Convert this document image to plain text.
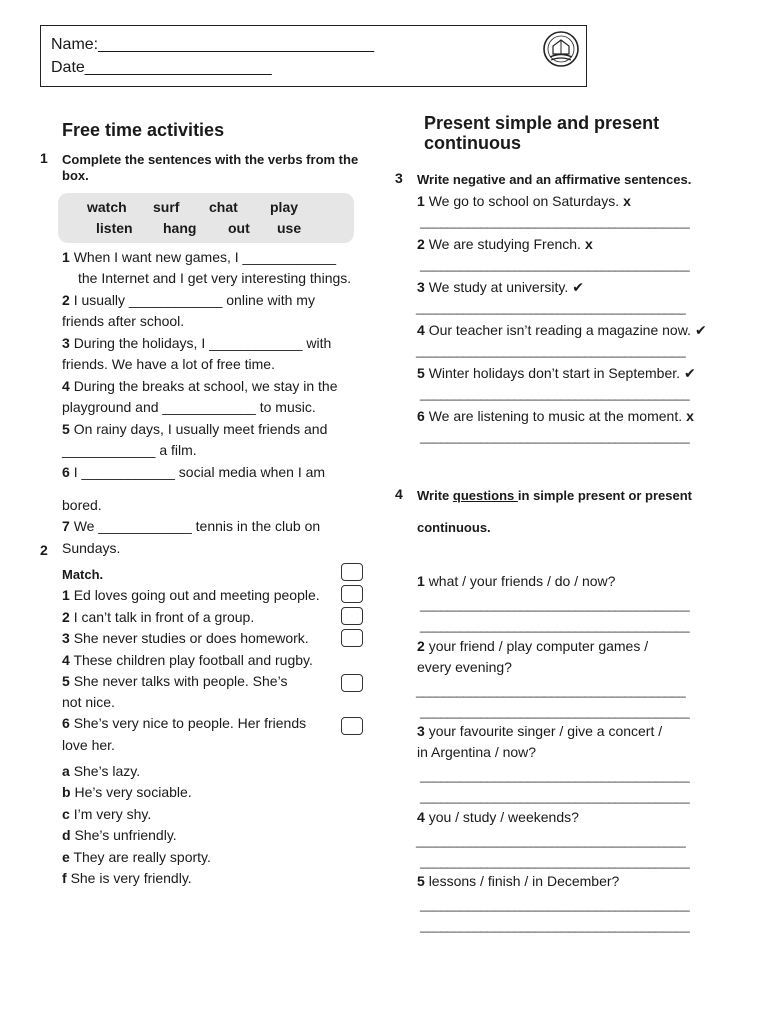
Name:_______________________________
Date_____________________
Free time activities
1 Complete the sentences with the verbs from the box.
watch surf chat play
listen hang out use
1 When I want new games, I ____________
the Internet and I get very interesting things.
2 I usually ____________ online with my
friends after school.
3 During the holidays, I ____________ with
friends. We have a lot of free time.
4 During the breaks at school, we stay in the
playground and ____________ to music.
5 On rainy days, I usually meet friends and
____________ a film.
6 I ____________ social media when I am
bored.
7 We ____________ tennis in the club on
Sundays.
2
Match.
1 Ed loves going out and meeting people.
2 I can’t talk in front of a group.
3 She never studies or does homework.
4 These children play football and rugby.
5 She never talks with people. She’s
not nice.
6 She’s very nice to people. Her friends
love her.
a She’s lazy.
b He’s very sociable.
c I’m very shy.
d She’s unfriendly.
e They are really sporty.
f She is very friendly.
Present simple and present
continuous
3 Write negative and an affirmative sentences.
1 We go to school on Saturdays. x
________________________________________
2 We are studying French. x
________________________________________
3 We study at university. ✔
________________________________________
4 Our teacher isn’t reading a magazine now. ✔
________________________________________
5 Winter holidays don’t start in September. ✔
________________________________________
6 We are listening to music at the moment. x
________________________________________
4 Write questions in simple present or present
continuous.
1 what / your friends / do / now?
________________________________________
________________________________________
2 your friend / play computer games /
every evening?
________________________________________
________________________________________
3 your favourite singer / give a concert /
in Argentina / now?
________________________________________
________________________________________
4 you / study / weekends?
________________________________________
________________________________________
5 lessons / finish / in December?
________________________________________
________________________________________
